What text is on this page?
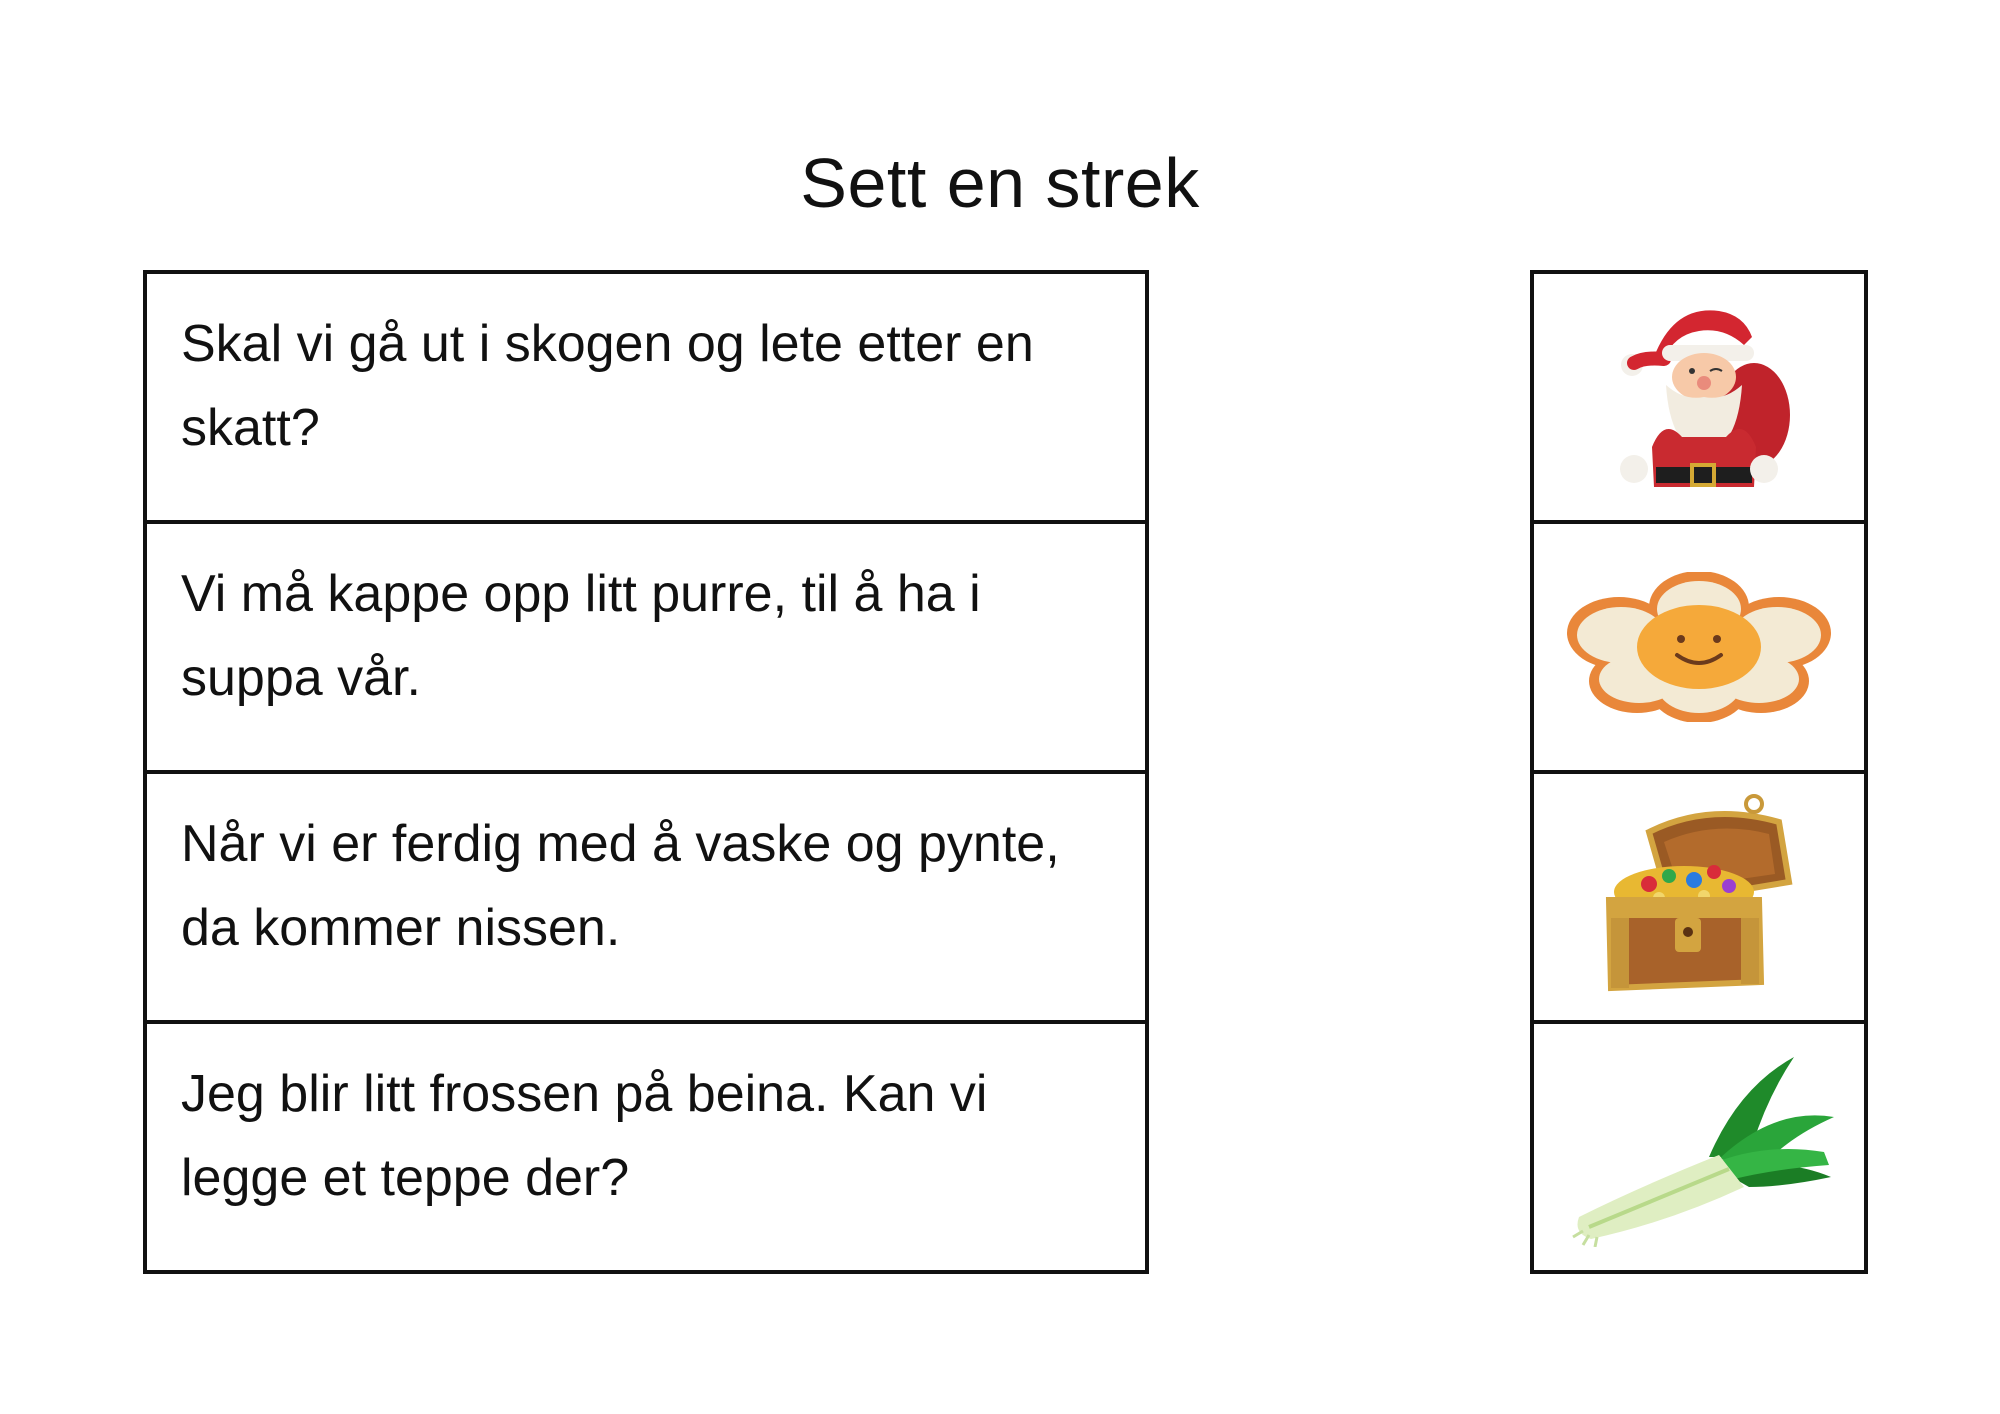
Sett en strek
Skal vi gå ut i skogen og lete etter en skatt?
Vi må kappe opp litt purre, til å ha i suppa vår.
Når vi er ferdig med å vaske og pynte, da kommer nissen.
Jeg blir litt frossen på beina. Kan vi legge et teppe der?
